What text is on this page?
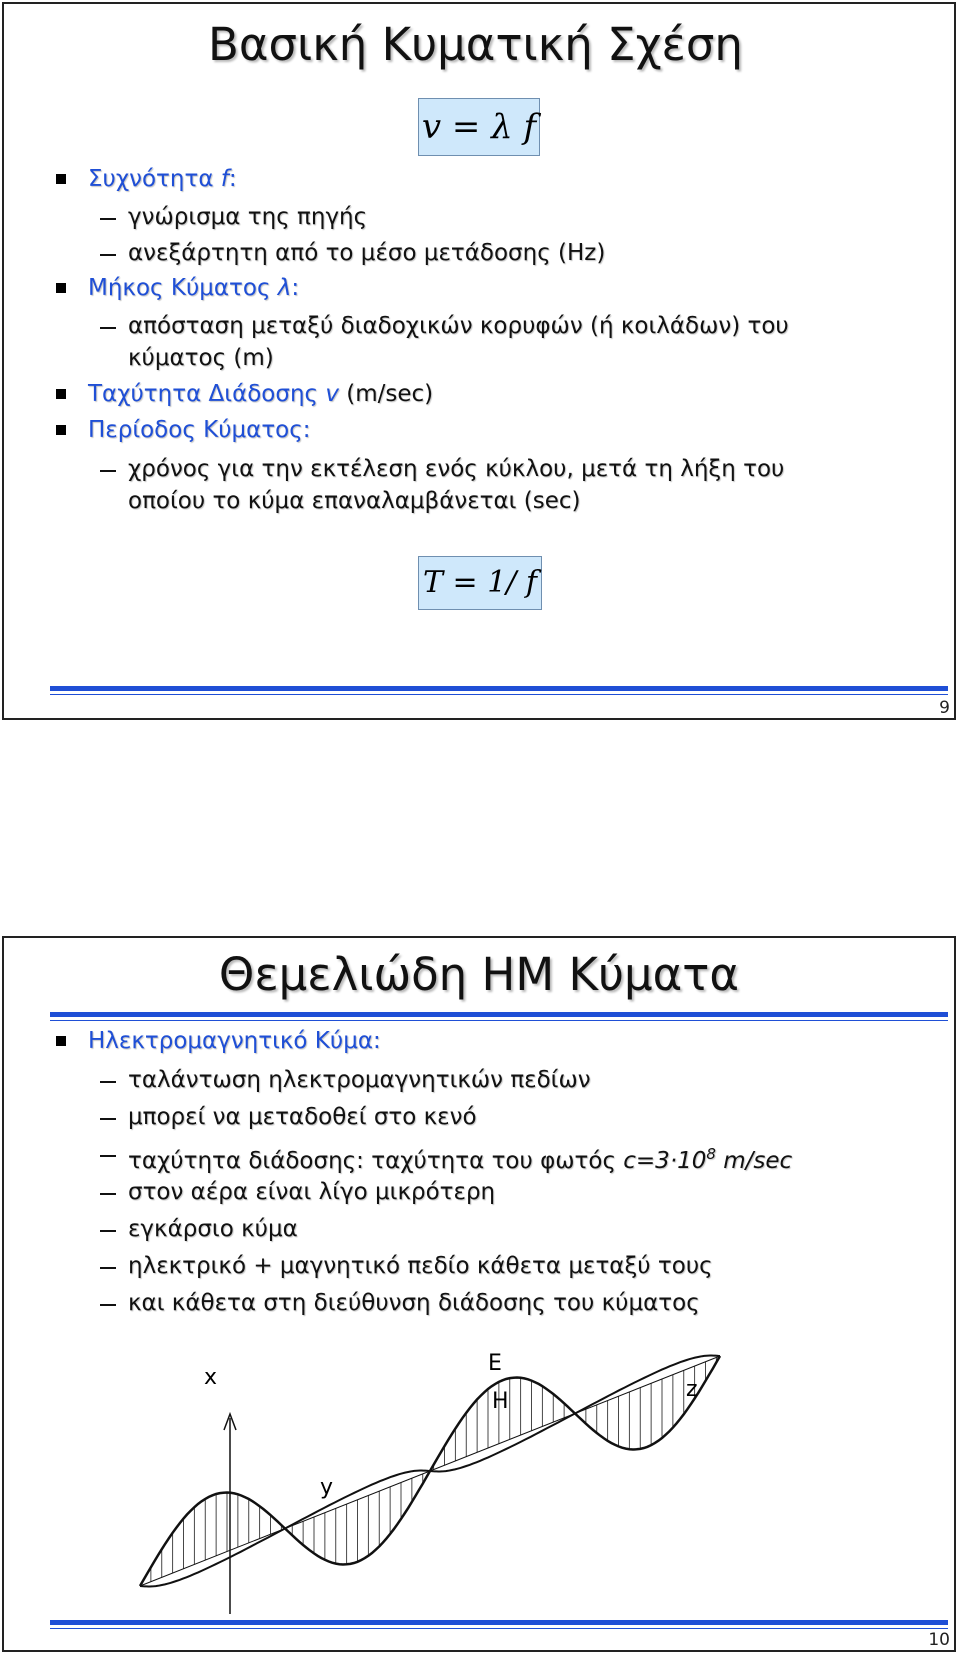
Βασική Κυματική Σχέση
v = λ f
Συχνότητα f:
γνώρισμα της πηγής
ανεξάρτητη από το μέσο μετάδοσης (Hz)
Μήκος Κύματος λ:
απόσταση μεταξύ διαδοχικών κορυφών (ή κοιλάδων) του
κύματος (m)
Ταχύτητα Διάδοσης v (m/sec)
Περίοδος Κύματος:
χρόνος για την εκτέλεση ενός κύκλου, μετά τη λήξη του
οποίου το κύμα επαναλαμβάνεται (sec)
T = 1/ f
9
Θεμελιώδη ΗΜ Κύματα
Ηλεκτρομαγνητικό Κύμα:
ταλάντωση ηλεκτρομαγνητικών πεδίων
μπορεί να μεταδοθεί στο κενό
ταχύτητα διάδοσης: ταχύτητα του φωτός $c=3\cdot 10^8$ m/sec
στον αέρα είναι λίγο μικρότερη
εγκάρσιο κύμα
ηλεκτρικό + μαγνητικό πεδίο κάθετα μεταξύ τους
και κάθετα στη διεύθυνση διάδοσης του κύματος
x
y
E
H	z
10
